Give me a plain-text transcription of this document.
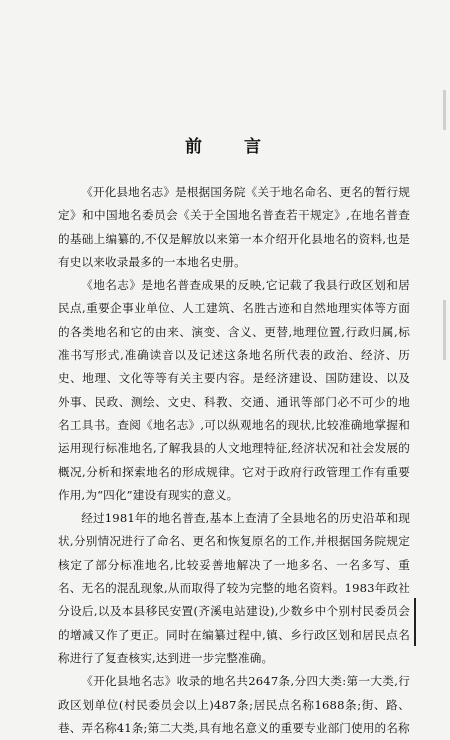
前 言

《开化县地名志》是根据国务院《关于地名命名、更名的暂行规定》和中国地名委员会《关于全国地名普查若干规定》,在地名普查的基础上编纂的,不仅是解放以来第一本介绍开化县地名的资料,也是有史以来收录最多的一本地名史册。

《地名志》是地名普查成果的反映,它记载了我县行政区划和居民点,重要企事业单位、人工建筑、名胜古迹和自然地理实体等方面的各类地名和它的由来、演变、含义、更替,地理位置,行政归属,标准书写形式,准确读音以及记述这条地名所代表的政治、经济、历史、地理、文化等等有关主要内容。是经济建设、国防建设、以及外事、民政、测绘、文史、科教、交通、通讯等部门必不可少的地名工具书。查阅《地名志》,可以纵观地名的现状,比较准确地掌握和运用现行标准地名,了解我县的人文地理特征,经济状况和社会发展的概况,分析和探索地名的形成规律。它对于政府行政管理工作有重要作用,为“四化”建设有现实的意义。

经过1981年的地名普查,基本上查清了全县地名的历史沿革和现状,分别情况进行了命名、更名和恢复原名的工作,并根据国务院规定核定了部分标准地名,比较妥善地解决了一地多名、一名多写、重名、无名的混乱现象,从而取得了较为完整的地名资料。1983年政社分设后,以及本县移民安置(齐溪电站建设),少数乡中个别村民委员会的增减又作了更正。同时在编纂过程中,镇、乡行政区划和居民点名称进行了复查核实,达到进一步完整准确。

《开化县地名志》收录的地名共2647条,分四大类:第一大类,行政区划单位(村民委员会以上)487条;居民点名称1688条;街、路、巷、弄名称41条;第二大类,具有地名意义的重要专业部门使用的名称
